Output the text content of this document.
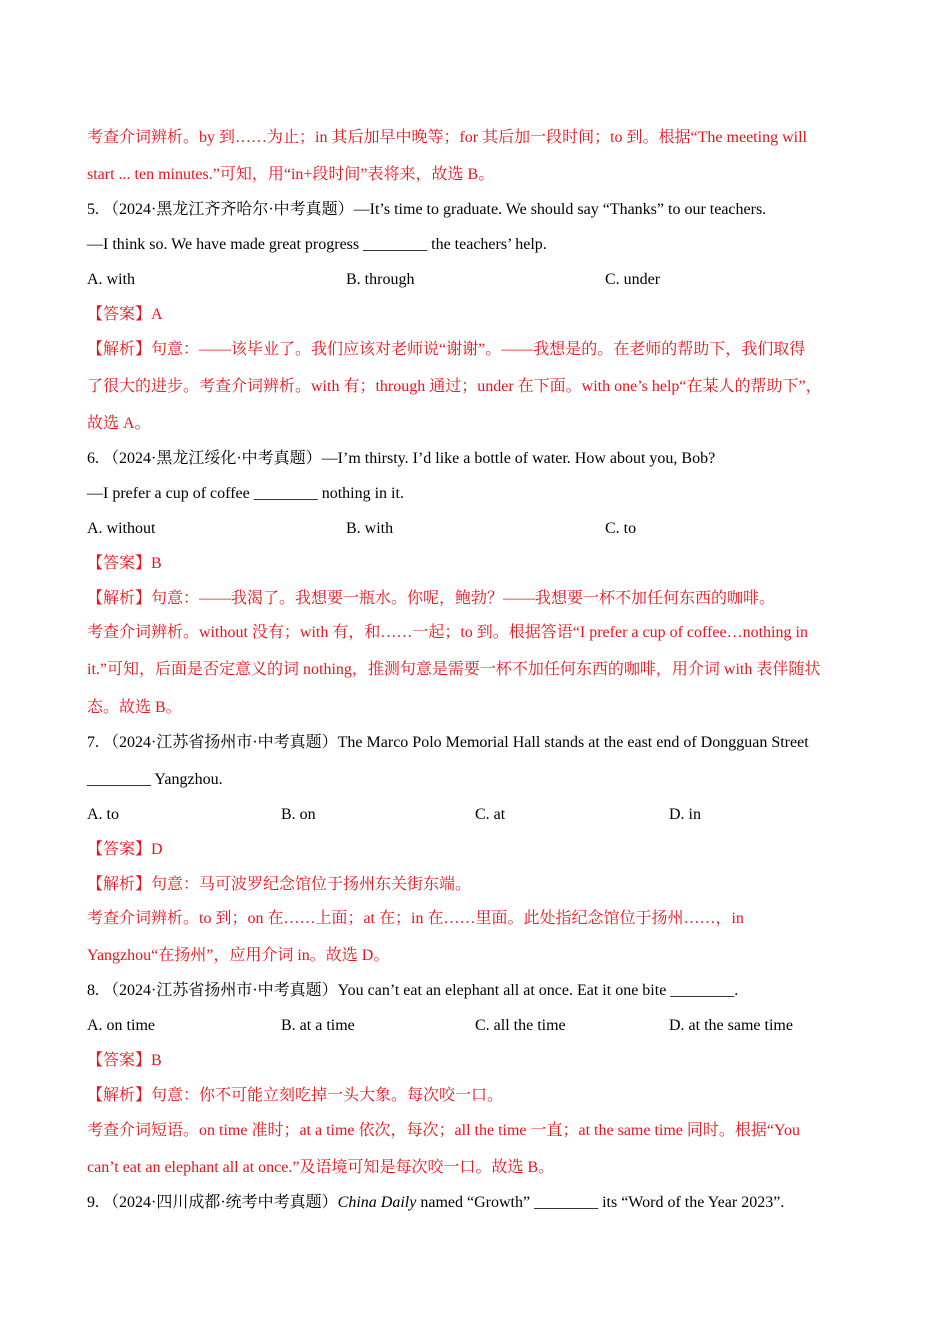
考查介词辨析。by 到……为止；in 其后加早中晚等；for 其后加一段时间；to 到。根据“The meeting will
start ... ten minutes.”可知，用“in+段时间”表将来，故选 B。
5. （2024·黑龙江齐齐哈尔·中考真题）—It’s time to graduate. We should say “Thanks” to our teachers.
—I think so. We have made great progress ________ the teachers’ help.
A. with	B. through	C. under
【答案】A
【解析】句意：——该毕业了。我们应该对老师说“谢谢”。——我想是的。在老师的帮助下，我们取得
了很大的进步。考查介词辨析。with 有；through 通过；under 在下面。with one’s help“在某人的帮助下”，
故选 A。
6. （2024·黑龙江绥化·中考真题）—I’m thirsty. I’d like a bottle of water. How about you, Bob?
—I prefer a cup of coffee ________ nothing in it.
A. without	B. with	C. to
【答案】B
【解析】句意：——我渴了。我想要一瓶水。你呢，鲍勃？——我想要一杯不加任何东西的咖啡。
考查介词辨析。without 没有；with 有，和……一起；to 到。根据答语“I prefer a cup of coffee…nothing in
it.”可知，后面是否定意义的词 nothing，推测句意是需要一杯不加任何东西的咖啡，用介词 with 表伴随状
态。故选 B。
7. （2024·江苏省扬州市·中考真题）The Marco Polo Memorial Hall stands at the east end of Dongguan Street
________ Yangzhou.
A. to	B. on	C. at	D. in
【答案】D
【解析】句意：马可波罗纪念馆位于扬州东关街东端。
考查介词辨析。to 到；on 在……上面；at 在；in 在……里面。此处指纪念馆位于扬州……，in
Yangzhou“在扬州”，应用介词 in。故选 D。
8. （2024·江苏省扬州市·中考真题）You can’t eat an elephant all at once. Eat it one bite ________.
A. on time	B. at a time	C. all the time	D. at the same time
【答案】B
【解析】句意：你不可能立刻吃掉一头大象。每次咬一口。
考查介词短语。on time 准时；at a time 依次，每次；all the time 一直；at the same time 同时。根据“You
can’t eat an elephant all at once.”及语境可知是每次咬一口。故选 B。
9. （2024·四川成都·统考中考真题）China Daily named “Growth” ________ its “Word of the Year 2023”.
